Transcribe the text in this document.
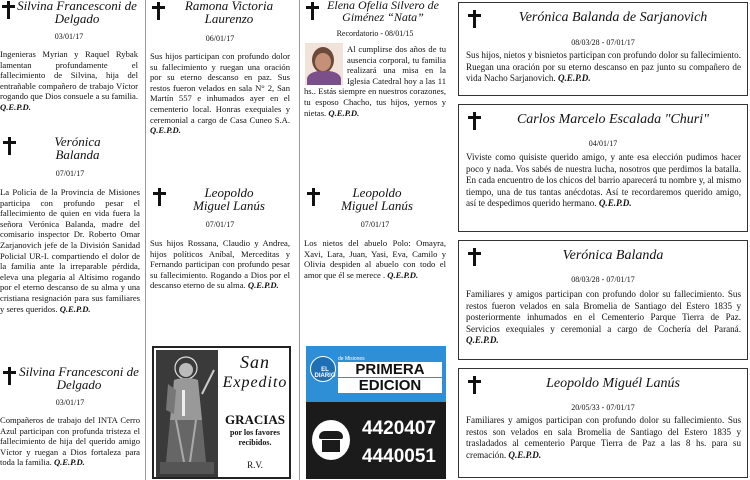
Silvina Francesconi de Delgado
03/01/17
Ingenieras Myrian y Raquel Rybak lamentan profundamente el fallecimiento de Silvina, hija del entrañable compañero de trabajo Víctor rogando que Dios consuele a su familia. Q.E.P.D.
Verónica Balanda
07/01/17
La Policía de la Provincia de Misiones participa con profundo pesar el fallecimiento de quien en vida fuera la señora Verónica Balanda, madre del comisario inspector Dr. Roberto Omar Zarjanovich jefe de la División Sanidad Policial UR-I. compartiendo el dolor de la familia ante la irreparable pérdida, eleva una plegaria al Altísimo rogando por el eterno descanso de su alma y una cristiana resignación para sus familiares y seres queridos. Q.E.P.D.
Silvina Francesconi de Delgado
03/01/17
Compañeros de trabajo del INTA Cerro Azul participan con profunda tristeza el fallecimiento de hija del querido amigo Víctor y ruegan a Dios fortaleza para toda la familia. Q.E.P.D.
Ramona Victoria Laurenzo
06/01/17
Sus hijos participan con profundo dolor su fallecimiento y ruegan una oración por su eterno descanso en paz. Sus restos fueron velados en sala N° 2, San Martín 557 e inhumados ayer en el cementerio local. Honras exequiales y ceremonial a cargo de Casa Cuneo S.A. Q.E.P.D.
Leopoldo Miguel Lanús
07/01/17
Sus hijos Rossana, Claudio y Andrea, hijos políticos Aníbal, Merceditas y Fernando participan con profundo pesar su fallecimiento. Rogando a Dios por el descanso eterno de su alma. Q.E.P.D.
San
Expedito
GRACIAS
por los favores recibidos.
R.V.
Elena Ofelia Silvero de Giménez “Nata”
Recordatorio - 08/01/15
Al cumplirse dos años de tu ausencia corporal, tu familia realizará una misa en la Iglesia Catedral hoy a las 11 hs.. Estás siempre en nuestros corazones, tu esposo Chacho, tus hijos, yernos y nietas. Q.E.P.D.
Leopoldo Miguel Lanús
07/01/17
Los nietos del abuelo Polo: Omayra, Xavi, Lara, Juan, Yasi, Eva, Camilo y Olivia despiden al abuelo con todo el amor que él se merece . Q.E.P.D.
EL DIARIO
de Misiones
PRIMERA
EDICION
4420407
4440051
Verónica Balanda de Sarjanovich
08/03/28 - 07/01/17
Sus hijos, nietos y bisnietos participan con profundo dolor su fallecimiento. Ruegan una oración por su eterno descanso en paz junto su compañero de vida Nacho Sarjanovich. Q.E.P.D.
Carlos Marcelo Escalada "Churi"
04/01/17
Viviste como quisiste querido amigo, y ante esa elección pudimos hacer poco y nada. Vos sabés de nuestra lucha, nosotros que perdimos la batalla. En cada encuentro de los chicos del barrio aparecerá tu nombre y, al mismo tiempo, una de tus tantas anécdotas. Así te recordaremos querido amigo, así te despedimos querido hermano. Q.E.P.D.
Verónica Balanda
08/03/28 - 07/01/17
Familiares y amigos participan con profundo dolor su fallecimiento. Sus restos fueron velados en sala Bromelia de Santiago del Estero 1835 y posteriormente inhumados en el Cementerio Parque Tierra de Paz. Servicios exequiales y ceremonial a cargo de Cochería del Paraná. Q.E.P.D.
Leopoldo Miguél Lanús
20/05/33 - 07/01/17
Familiares y amigos participan con profundo dolor su fallecimiento. Sus restos son velados en sala Bromelia de Santiago del Estero 1835 y trasladados al cementerio Parque Tierra de Paz a las 8 hs. para su cremación. Q.E.P.D.
